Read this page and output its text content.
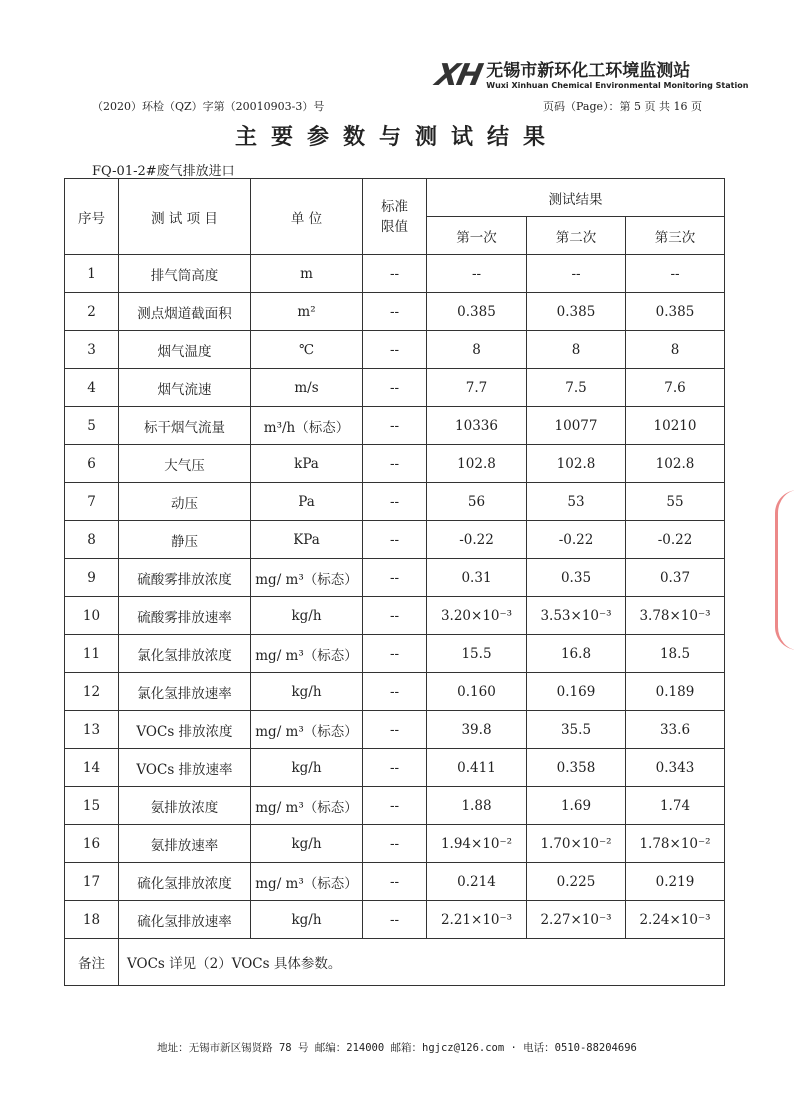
XH 无锡市新环化工环境监测站
Wuxi Xinhuan Chemical Environmental Monitoring Station
（2020）环检（QZ）字第（20010903-3）号	页码（Page）：第 5 页 共 16 页
主要参数与测试结果
FQ-01-2#废气排放进口
序号	测 试 项 目	单 位	标准限值	测试结果		
				第一次	第二次	第三次
1	排气筒高度	m	--	--	--	--
2	测点烟道截面积	m²	--	0.385	0.385	0.385
3	烟气温度	℃	--	8	8	8
4	烟气流速	m/s	--	7.7	7.5	7.6
5	标干烟气流量	m³/h（标态）	--	10336	10077	10210
6	大气压	kPa	--	102.8	102.8	102.8
7	动压	Pa	--	56	53	55
8	静压	KPa	--	-0.22	-0.22	-0.22
9	硫酸雾排放浓度	mg/ m³（标态）	--	0.31	0.35	0.37
10	硫酸雾排放速率	kg/h	--	3.20×10⁻³	3.53×10⁻³	3.78×10⁻³
11	氯化氢排放浓度	mg/ m³（标态）	--	15.5	16.8	18.5
12	氯化氢排放速率	kg/h	--	0.160	0.169	0.189
13	VOCs 排放浓度	mg/ m³（标态）	--	39.8	35.5	33.6
14	VOCs 排放速率	kg/h	--	0.411	0.358	0.343
15	氨排放浓度	mg/ m³（标态）	--	1.88	1.69	1.74
16	氨排放速率	kg/h	--	1.94×10⁻²	1.70×10⁻²	1.78×10⁻²
17	硫化氢排放浓度	mg/ m³（标态）	--	0.214	0.225	0.219
18	硫化氢排放速率	kg/h	--	2.21×10⁻³	2.27×10⁻³	2.24×10⁻³
备注	VOCs 详见（2）VOCs 具体参数。					
地址：无锡市新区锡贤路 78 号 邮编：214000 邮箱：hgjcz@126.com · 电话：0510-88204696
